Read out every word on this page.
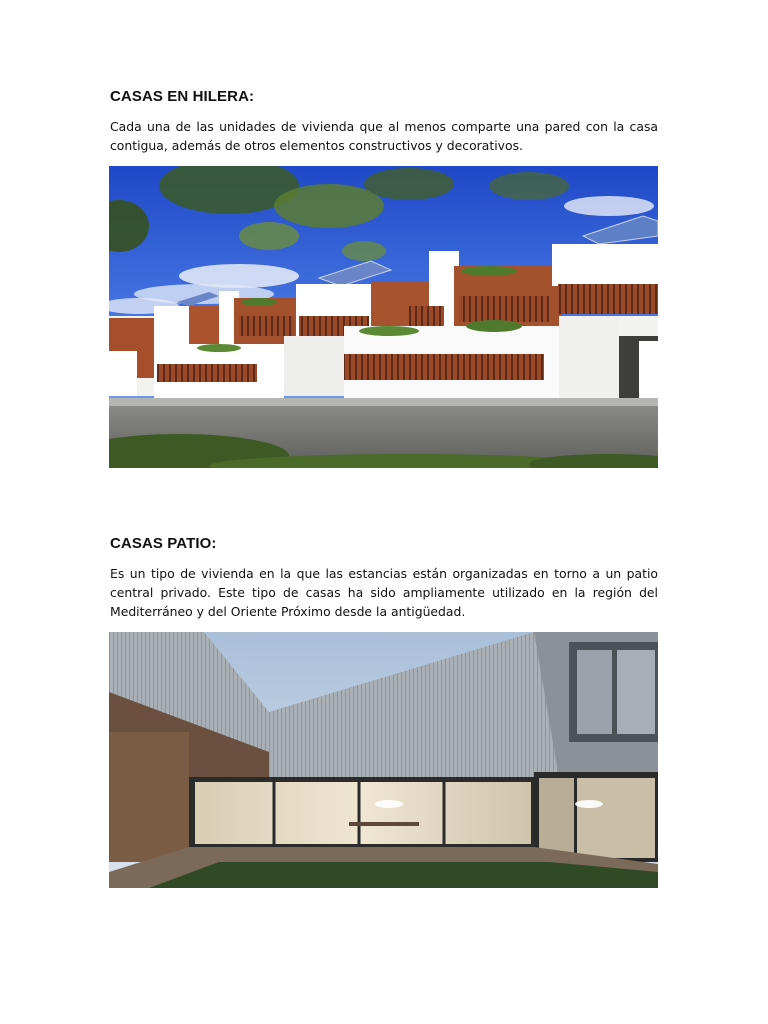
CASAS EN HILERA:

Cada una de las unidades de vivienda que al menos comparte una pared con la casa contigua, además de otros elementos constructivos y decorativos.

CASAS PATIO:

Es un tipo de vivienda en la que las estancias están organizadas en torno a un patio central privado. Este tipo de casas ha sido ampliamente utilizado en la región del Mediterráneo y del Oriente Próximo desde la antigüedad.
